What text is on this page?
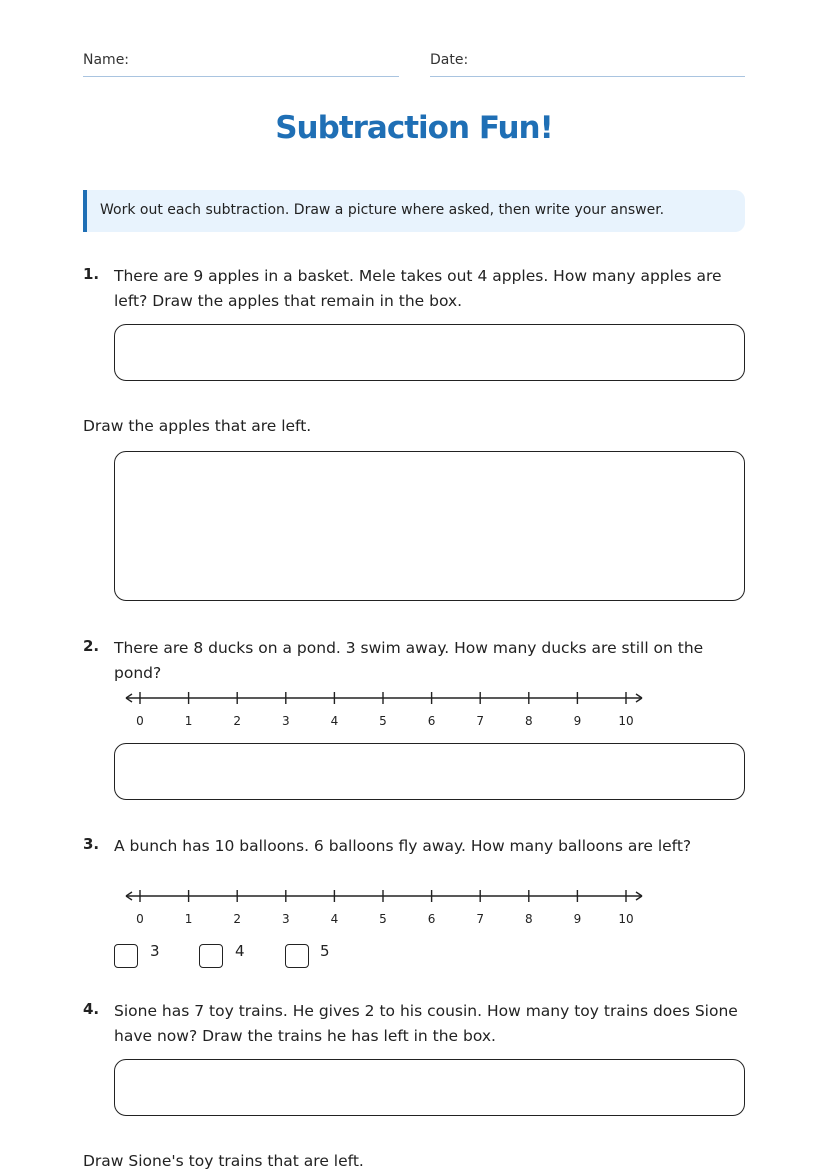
Name:	Date:
Subtraction Fun!
Work out each subtraction. Draw a picture where asked, then write your answer.
1. There are 9 apples in a basket. Mele takes out 4 apples. How many apples are left? Draw the apples that remain in the box.
Draw the apples that are left.
2. There are 8 ducks on a pond. 3 swim away. How many ducks are still on the pond?
0	1	2	3	4	5	6	7	8	9	10
3. A bunch has 10 balloons. 6 balloons fly away. How many balloons are left?
0	1	2	3	4	5	6	7	8	9	10
3	4	5
4. Sione has 7 toy trains. He gives 2 to his cousin. How many toy trains does Sione have now? Draw the trains he has left in the box.
Draw Sione's toy trains that are left.
